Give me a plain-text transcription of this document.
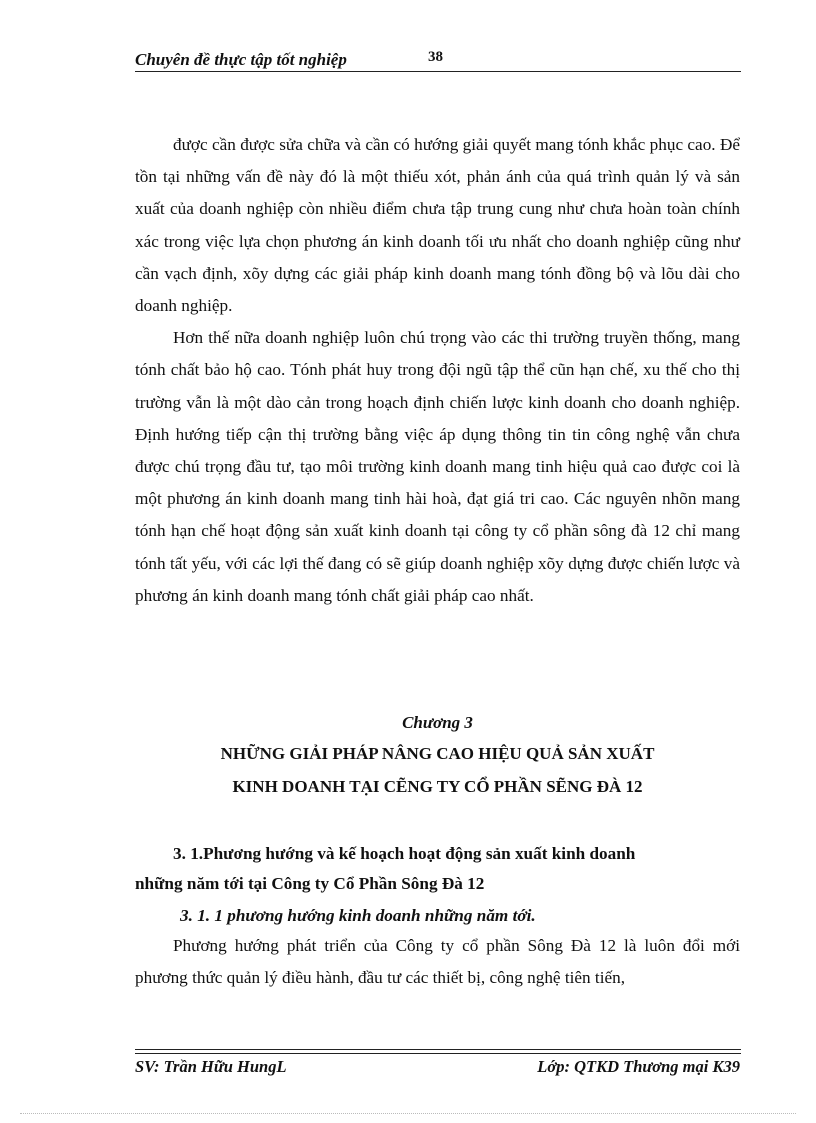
Chuyên đề thực tập tốt nghiệp	38

được cần được sửa chữa và cần có hướng giải quyết mang tónh khắc phục cao. Để tồn tại những vấn đề này đó là một thiếu xót, phản ánh của quá trình quản lý và sản xuất của doanh nghiệp còn nhiều điểm chưa tập trung cung như chưa hoàn toàn chính xác trong việc lựa chọn phương án kinh doanh tối ưu nhất cho doanh nghiệp cũng như cần vạch định, xõy dựng các giải pháp kinh doanh mang tónh đồng bộ và lõu dài cho doanh nghiệp.

Hơn thế nữa doanh nghiệp luôn chú trọng vào các thi trường truyền thống, mang tónh chất bảo hộ cao. Tónh phát huy trong đội ngũ tập thể cũn hạn chế, xu thế cho thị trường vẫn là một dào cản trong hoạch định chiến lược kinh doanh cho doanh nghiệp. Định hướng tiếp cận thị trường bằng việc áp dụng thông tin tin công nghệ vẫn chưa được chú trọng đầu tư, tạo môi trường kinh doanh mang tinh hiệu quả cao được coi là một phương án kinh doanh mang tinh hài hoà, đạt giá tri cao. Các nguyên nhõn mang tónh hạn chế hoạt động sản xuất kinh doanh tại công ty cổ phần sông đà 12 chỉ mang tónh tất yếu, với các lợi thế đang có sẽ giúp doanh nghiệp xõy dựng được chiến lược và phương án kinh doanh mang tónh chất giải pháp cao nhất.

Chương 3
NHỮNG GIẢI PHÁP NÂNG CAO HIỆU QUẢ SẢN XUẤT
KINH DOANH TẠI CẼNG TY CỔ PHẦN SẼNG ĐÀ 12
3. 1.Phương hướng và kế hoạch hoạt động sản xuất kinh doanh
những năm tới tại Công ty Cổ Phần Sông Đà 12
3. 1. 1 phương hướng kinh doanh những năm tới.

Phương hướng phát triển của Công ty cổ phần Sông Đà 12 là luôn đổi mới phương thức quản lý điều hành, đầu tư các thiết bị, công nghệ tiên tiến,

SV: Trần Hữu HungL	Lớp: QTKD Thương mại K39
